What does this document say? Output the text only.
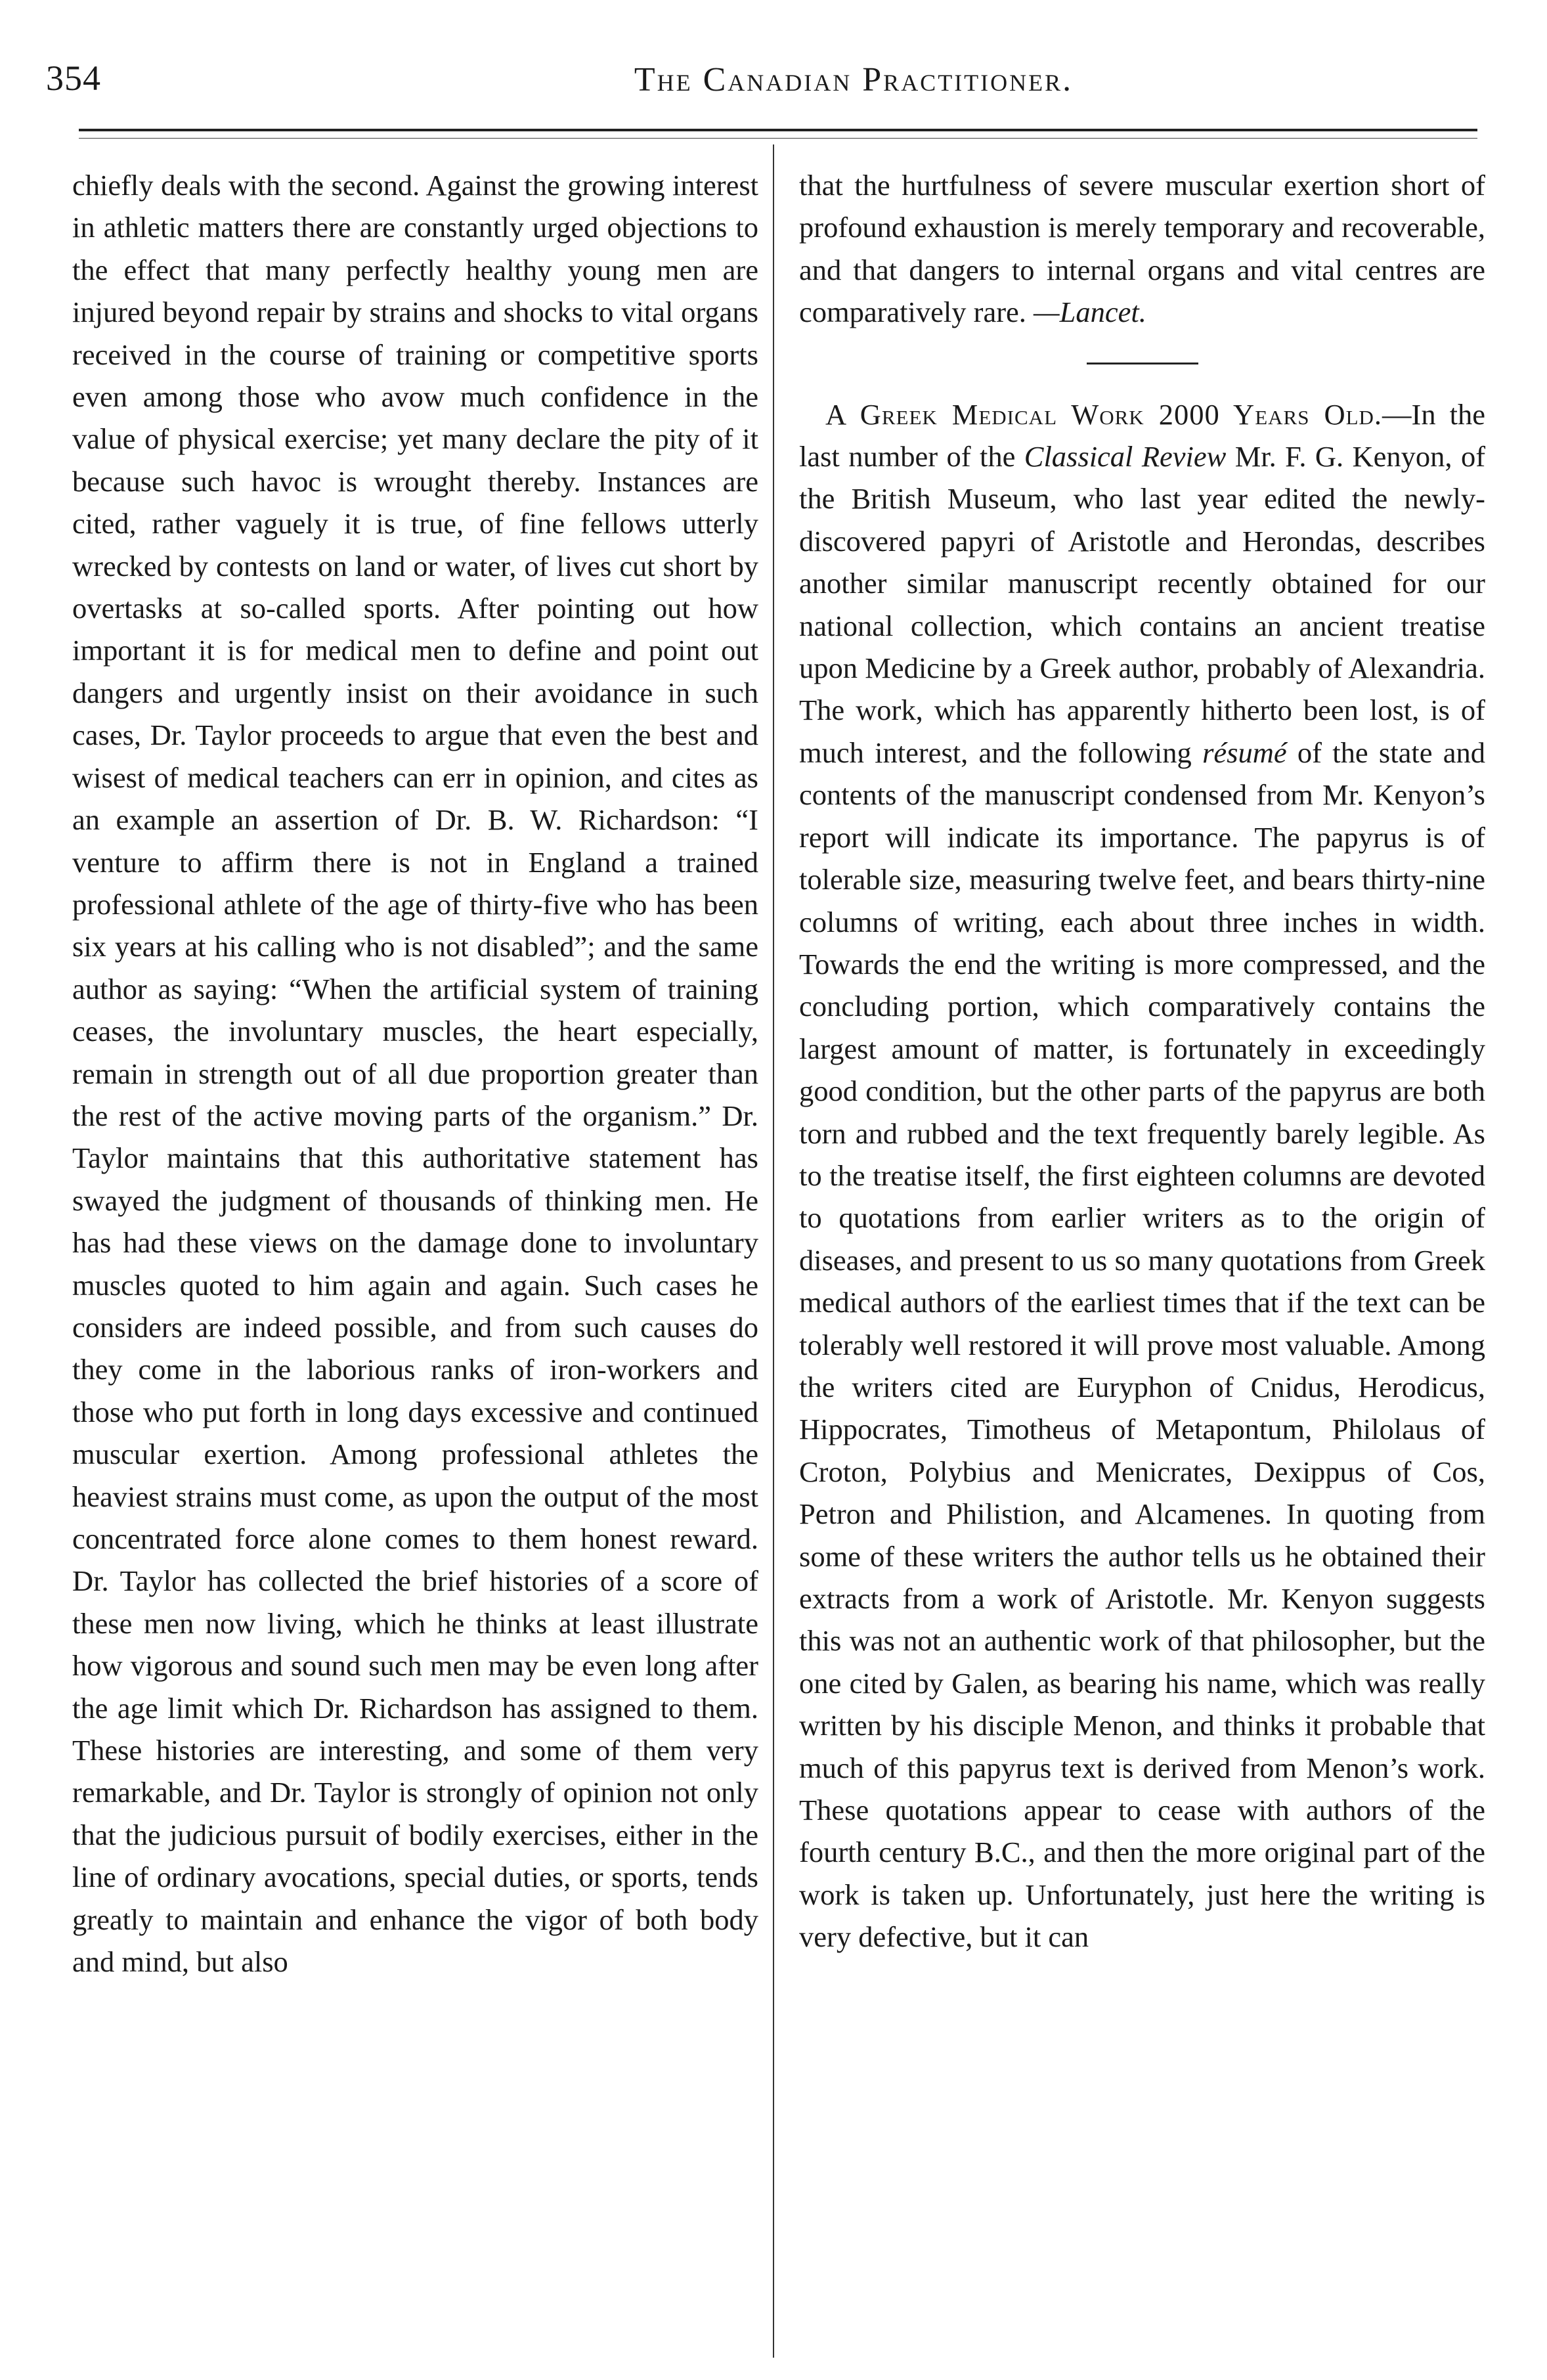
354	The Canadian Practitioner.

chiefly deals with the second. Against the growing interest in athletic matters there are constantly urged objections to the effect that many perfectly healthy young men are injured beyond repair by strains and shocks to vital organs received in the course of training or competitive sports even among those who avow much confidence in the value of physical exercise; yet many declare the pity of it because such havoc is wrought thereby. Instances are cited, rather vaguely it is true, of fine fellows utterly wrecked by contests on land or water, of lives cut short by overtasks at so-called sports. After pointing out how important it is for medical men to define and point out dangers and urgently insist on their avoidance in such cases, Dr. Taylor proceeds to argue that even the best and wisest of medical teachers can err in opinion, and cites as an example an assertion of Dr. B. W. Richardson: “I venture to affirm there is not in England a trained professional athlete of the age of thirty-five who has been six years at his calling who is not disabled”; and the same author as saying: “When the artificial system of training ceases, the involuntary muscles, the heart especially, remain in strength out of all due proportion greater than the rest of the active moving parts of the organism.” Dr. Taylor maintains that this authoritative statement has swayed the judgment of thousands of thinking men. He has had these views on the damage done to involuntary muscles quoted to him again and again. Such cases he considers are indeed possible, and from such causes do they come in the laborious ranks of iron-workers and those who put forth in long days excessive and continued muscular exertion. Among professional athletes the heaviest strains must come, as upon the output of the most concentrated force alone comes to them honest reward. Dr. Taylor has collected the brief histories of a score of these men now living, which he thinks at least illustrate how vigorous and sound such men may be even long after the age limit which Dr. Richardson has assigned to them. These histories are interesting, and some of them very remarkable, and Dr. Taylor is strongly of opinion not only that the judicious pursuit of bodily exercises, either in the line of ordinary avocations, special duties, or sports, tends greatly to maintain and enhance the vigor of both body and mind, but also

that the hurtfulness of severe muscular exertion short of profound exhaustion is merely temporary and recoverable, and that dangers to internal organs and vital centres are comparatively rare. —Lancet.

A Greek Medical Work 2000 Years Old.—In the last number of the Classical Review Mr. F. G. Kenyon, of the British Museum, who last year edited the newly-discovered papyri of Aristotle and Herondas, describes another similar manuscript recently obtained for our national collection, which contains an ancient treatise upon Medicine by a Greek author, probably of Alexandria. The work, which has apparently hitherto been lost, is of much interest, and the following résumé of the state and contents of the manuscript condensed from Mr. Kenyon’s report will indicate its importance. The papyrus is of tolerable size, measuring twelve feet, and bears thirty-nine columns of writing, each about three inches in width. Towards the end the writing is more compressed, and the concluding portion, which comparatively contains the largest amount of matter, is fortunately in exceedingly good condition, but the other parts of the papyrus are both torn and rubbed and the text frequently barely legible. As to the treatise itself, the first eighteen columns are devoted to quotations from earlier writers as to the origin of diseases, and present to us so many quotations from Greek medical authors of the earliest times that if the text can be tolerably well restored it will prove most valuable. Among the writers cited are Euryphon of Cnidus, Herodicus, Hippocrates, Timotheus of Metapontum, Philolaus of Croton, Polybius and Menicrates, Dexippus of Cos, Petron and Philistion, and Alcamenes. In quoting from some of these writers the author tells us he obtained their extracts from a work of Aristotle. Mr. Kenyon suggests this was not an authentic work of that philosopher, but the one cited by Galen, as bearing his name, which was really written by his disciple Menon, and thinks it probable that much of this papyrus text is derived from Menon’s work. These quotations appear to cease with authors of the fourth century B.C., and then the more original part of the work is taken up. Unfortunately, just here the writing is very defective, but it can
